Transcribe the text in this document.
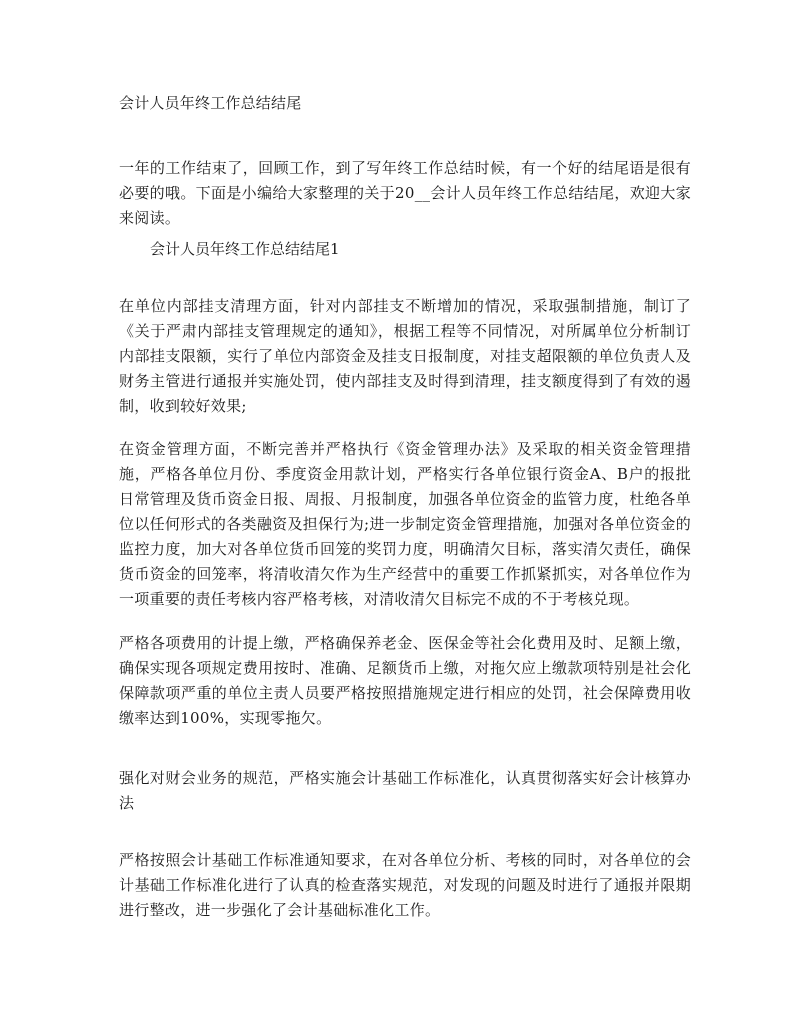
会计人员年终工作总结结尾

一年的工作结束了，回顾工作，到了写年终工作总结时候，有一个好的结尾语是很有必要的哦。下面是小编给大家整理的关于20__会计人员年终工作总结结尾，欢迎大家来阅读。

会计人员年终工作总结结尾1

在单位内部挂支清理方面，针对内部挂支不断增加的情况，采取强制措施，制订了《关于严肃内部挂支管理规定的通知》，根据工程等不同情况，对所属单位分析制订内部挂支限额，实行了单位内部资金及挂支日报制度，对挂支超限额的单位负责人及财务主管进行通报并实施处罚，使内部挂支及时得到清理，挂支额度得到了有效的遏制，收到较好效果;

在资金管理方面，不断完善并严格执行《资金管理办法》及采取的相关资金管理措施，严格各单位月份、季度资金用款计划，严格实行各单位银行资金A、B户的报批日常管理及货币资金日报、周报、月报制度，加强各单位资金的监管力度，杜绝各单位以任何形式的各类融资及担保行为;进一步制定资金管理措施，加强对各单位资金的监控力度，加大对各单位货币回笼的奖罚力度，明确清欠目标，落实清欠责任，确保货币资金的回笼率，将清收清欠作为生产经营中的重要工作抓紧抓实，对各单位作为一项重要的责任考核内容严格考核，对清收清欠目标完不成的不于考核兑现。

严格各项费用的计提上缴，严格确保养老金、医保金等社会化费用及时、足额上缴，确保实现各项规定费用按时、准确、足额货币上缴，对拖欠应上缴款项特别是社会化保障款项严重的单位主责人员要严格按照措施规定进行相应的处罚，社会保障费用收缴率达到100%，实现零拖欠。

强化对财会业务的规范，严格实施会计基础工作标准化，认真贯彻落实好会计核算办法

严格按照会计基础工作标准通知要求，在对各单位分析、考核的同时，对各单位的会计基础工作标准化进行了认真的检查落实规范，对发现的问题及时进行了通报并限期进行整改，进一步强化了会计基础标准化工作。
